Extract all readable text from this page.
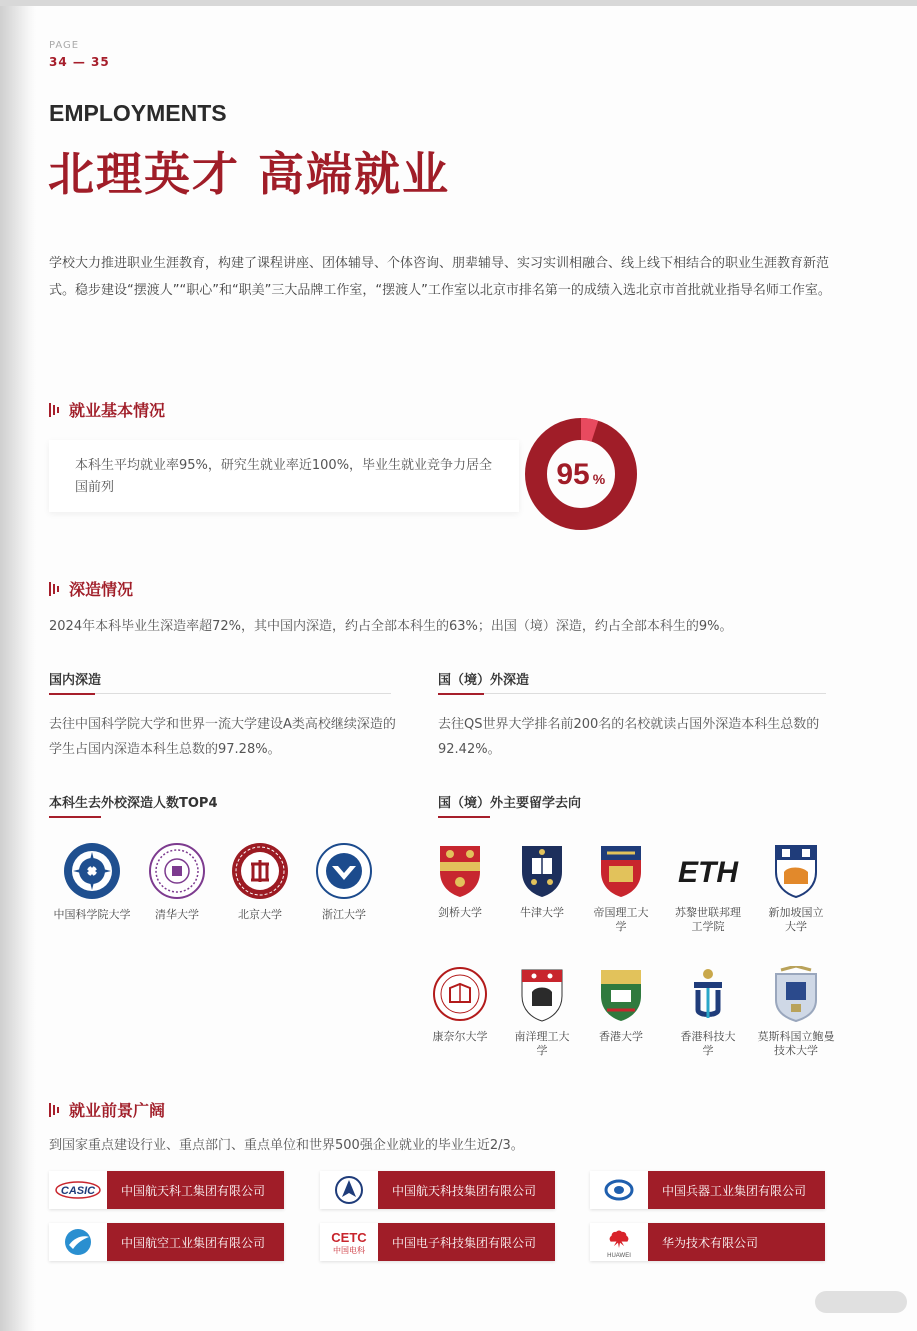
PAGE
34 — 35
EMPLOYMENTS
北理英才 高端就业
学校大力推进职业生涯教育，构建了课程讲座、团体辅导、个体咨询、朋辈辅导、实习实训相融合、线上线下相结合的职业生涯教育新范式。稳步建设“摆渡人”“职心”和“职美”三大品牌工作室，“摆渡人”工作室以北京市排名第一的成绩入选北京市首批就业指导名师工作室。
就业基本情况
本科生平均就业率95%，研究生就业率近100%，毕业生就业竞争力居全国前列	95 %
深造情况
2024年本科毕业生深造率超72%，其中国内深造，约占全部本科生的63%；出国（境）深造，约占全部本科生的9%。
国内深造
去往中国科学院大学和世界一流大学建设A类高校继续深造的学生占国内深造本科生总数的97.28%。
国（境）外深造
去往QS世界大学排名前200名的名校就读占国外深造本科生总数的92.42%。
本科生去外校深造人数TOP4	国（境）外主要留学去向
中国科学院大学	清华大学	北京大学	浙江大学	剑桥大学	牛津大学	帝国理工大学
ETH
苏黎世联邦理工学院
新加坡国立大学
康奈尔大学	南洋理工大学
香港大学	香港科技大学
莫斯科国立鲍曼技术大学
就业前景广阔
到国家重点建设行业、重点部门、重点单位和世界500强企业就业的毕业生近2/3。
CASIC	中国航天科工集团有限公司	中国航天科技集团有限公司	中国兵器工业集团有限公司
中国航空工业集团有限公司	CETC
中国电科
中国电子科技集团有限公司
HUAWEI
华为技术有限公司
